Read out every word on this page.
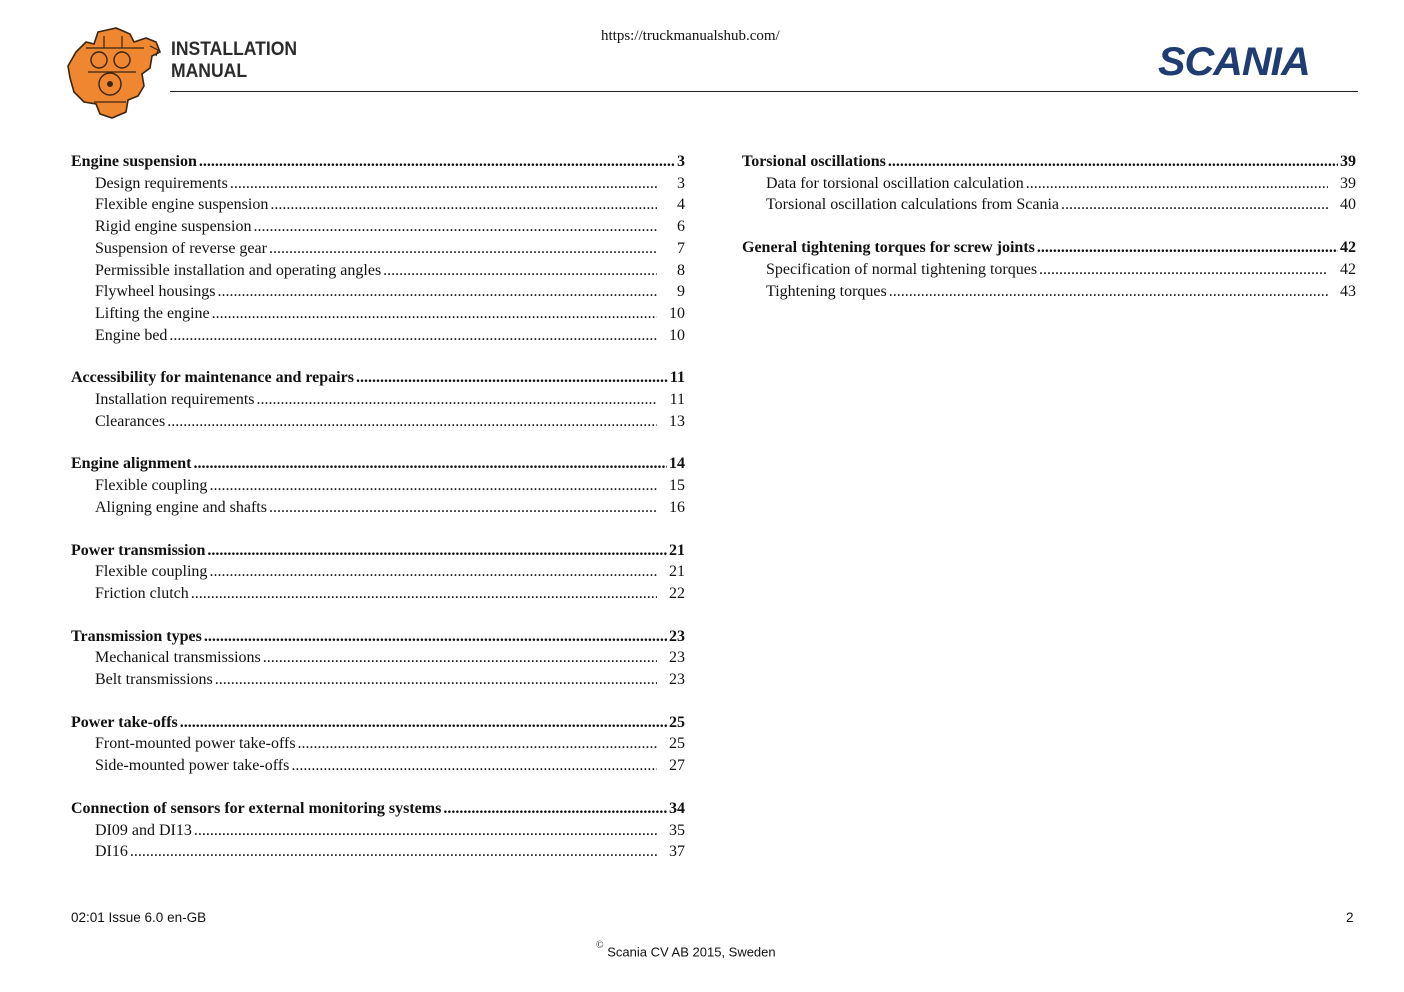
INSTALLATION
MANUAL
https://truckmanualshub.com/
SCANIA
Engine suspension .....	3
Design requirements .....	3
Flexible engine suspension .....	4
Rigid engine suspension .....	6
Suspension of reverse gear .....	7
Permissible installation and operating angles .....	8
Flywheel housings .....	9
Lifting the engine .....	10
Engine bed .....	10
Accessibility for maintenance and repairs .....	11
Installation requirements .....	11
Clearances .....	13
Engine alignment .....	14
Flexible coupling .....	15
Aligning engine and shafts .....	16
Power transmission .....	21
Flexible coupling .....	21
Friction clutch .....	22
Transmission types .....	23
Mechanical transmissions .....	23
Belt transmissions .....	23
Power take-offs .....	25
Front-mounted power take-offs .....	25
Side-mounted power take-offs .....	27
Connection of sensors for external monitoring systems .....	34
DI09 and DI13 .....	35
DI16 .....	37
Torsional oscillations .....	39
Data for torsional oscillation calculation .....	39
Torsional oscillation calculations from Scania .....	40
General tightening torques for screw joints .....	42
Specification of normal tightening torques .....	42
Tightening torques .....	43
02:01 Issue 6.0 en-GB	2
© Scania CV AB 2015, Sweden
